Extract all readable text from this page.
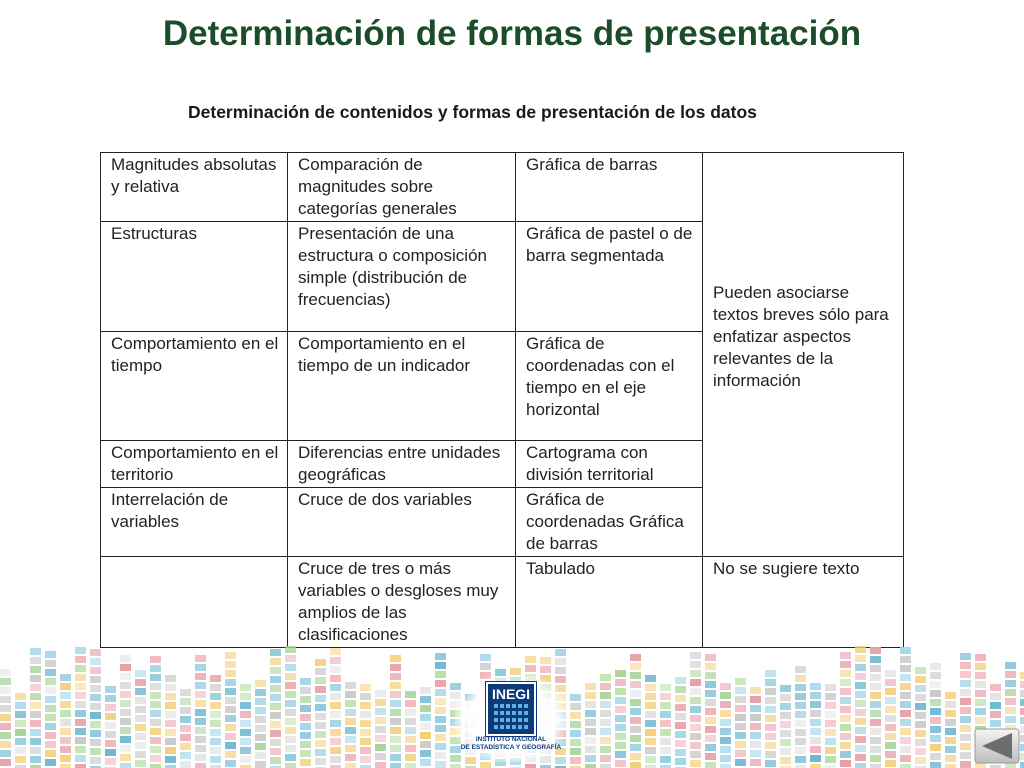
Determinación de formas de presentación
Determinación de contenidos y formas de presentación de los datos
Magnitudes absolutas y relativa	Comparación de magnitudes sobre categorías generales	Gráfica de barras	Pueden asociarse textos breves sólo para enfatizar aspectos relevantes de la información

Estructuras	Presentación de una estructura o composición simple (distribución de frecuencias)	Gráfica de pastel o de barra segmentada	
Comportamiento en el tiempo	Comportamiento en el tiempo de un indicador	Gráfica de coordenadas con el tiempo en el eje horizontal	
Comportamiento en el territorio	Diferencias entre unidades geográficas	Cartograma con división territorial	
Interrelación de variables	Cruce de dos variables	Gráfica de coordenadas Gráfica de barras	
	Cruce de tres o más variables o desgloses muy amplios de las clasificaciones	Tabulado	No se sugiere texto
INEGI
INSTITUTO NACIONAL
DE ESTADÍSTICA Y GEOGRAFÍA
